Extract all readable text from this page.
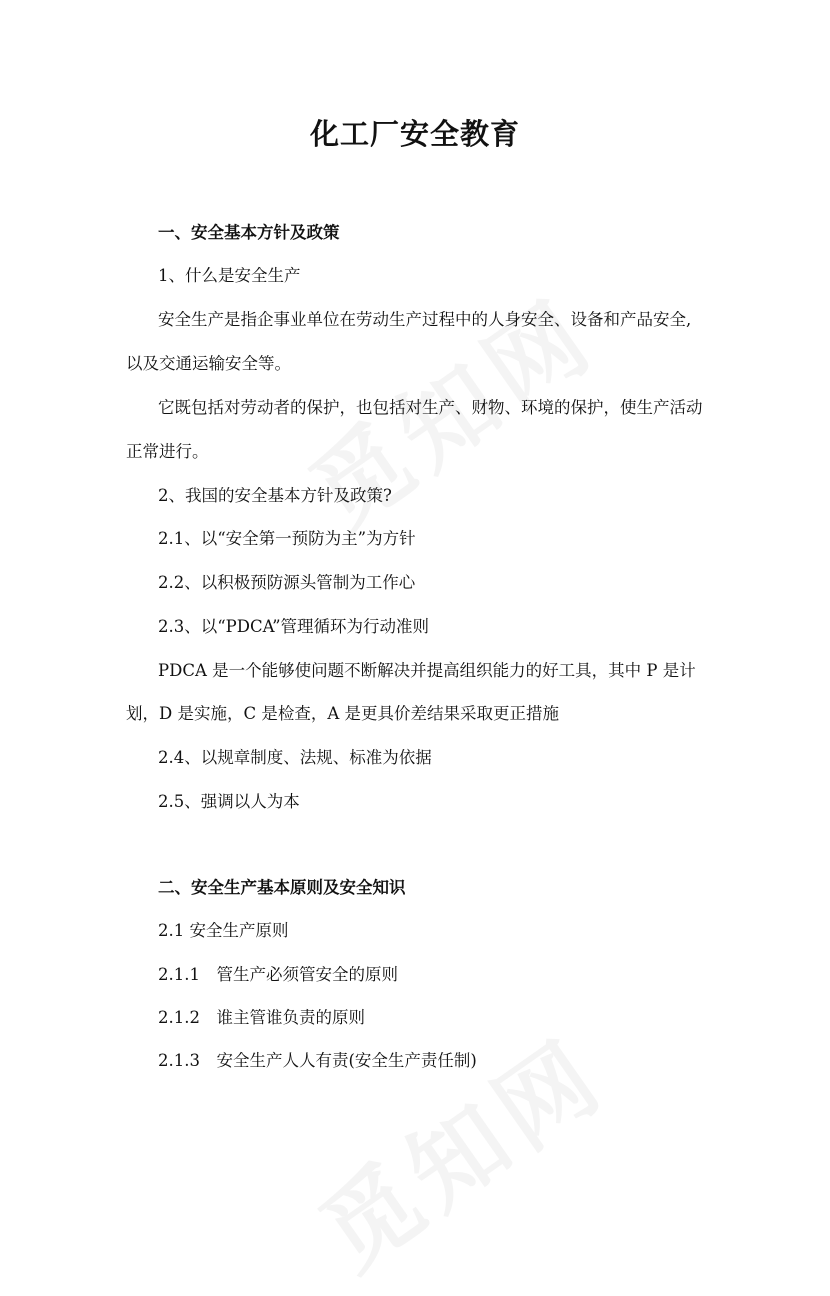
化工厂安全教育

一、安全基本方针及政策

1、什么是安全生产

安全生产是指企事业单位在劳动生产过程中的人身安全、设备和产品安全,

以及交通运输安全等。

它既包括对劳动者的保护，也包括对生产、财物、环境的保护，使生产活动

正常进行。

2、我国的安全基本方针及政策?

2.1、以“安全第一预防为主”为方针

2.2、以积极预防源头管制为工作心

2.3、以“PDCA”管理循环为行动准则

PDCA 是一个能够使问题不断解决并提高组织能力的好工具，其中 P 是计

划，D 是实施，C 是检查，A 是更具价差结果采取更正措施

2.4、以规章制度、法规、标准为依据

2.5、强调以人为本

二、安全生产基本原则及安全知识

2.1 安全生产原则

2.1.1　管生产必须管安全的原则

2.1.2　谁主管谁负责的原则

2.1.3　安全生产人人有责(安全生产责任制)
